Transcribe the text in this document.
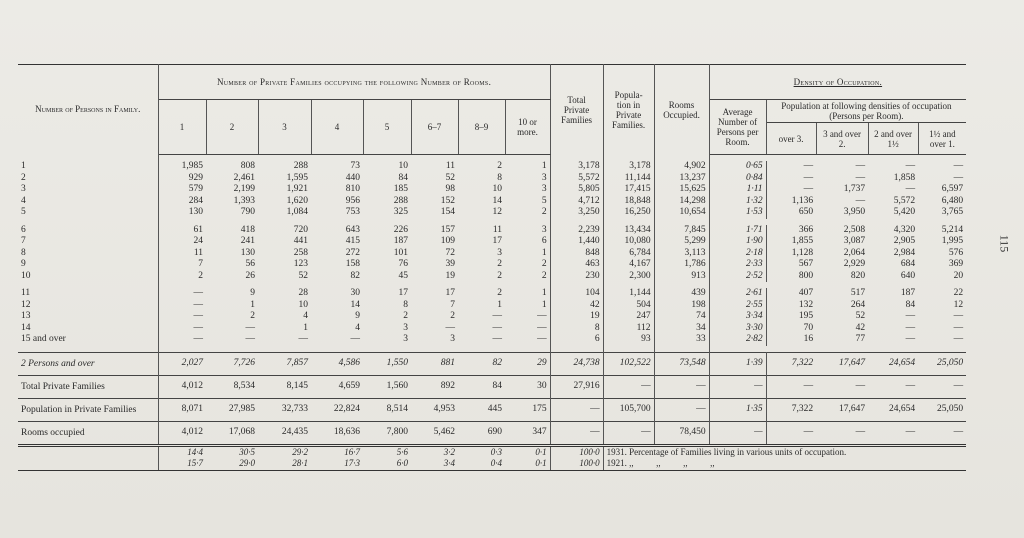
Number of Persons in Family.	Number of Private Families occupying the following Number of Rooms.								Total Private Families	Popula- tion in Private Families.	Rooms Occupied.	Density of Occupation.				
	1	2	3	4	5	6–7	8–9	10 or more.				Average Number of Persons per Room.	Population at following densities of occupation (Persons per Room).			
													over 3.	3 and over 2.	2 and over 1½	1½ and over 1.

1	1,985	808	288	73	10	11	2	1	3,178	3,178	4,902	0·65	—	—	—	—
2	929	2,461	1,595	440	84	52	8	3	5,572	11,144	13,237	0·84	—	—	1,858	—
3	579	2,199	1,921	810	185	98	10	3	5,805	17,415	15,625	1·11	—	1,737	—	6,597
4	284	1,393	1,620	956	288	152	14	5	4,712	18,848	14,298	1·32	1,136	—	5,572	6,480
5	130	790	1,084	753	325	154	12	2	3,250	16,250	10,654	1·53	650	3,950	5,420	3,765

6	61	418	720	643	226	157	11	3	2,239	13,434	7,845	1·71	366	2,508	4,320	5,214
7	24	241	441	415	187	109	17	6	1,440	10,080	5,299	1·90	1,855	3,087	2,905	1,995
8	11	130	258	272	101	72	3	1	848	6,784	3,113	2·18	1,128	2,064	2,984	576
9	7	56	123	158	76	39	2	2	463	4,167	1,786	2·33	567	2,929	684	369
10	2	26	52	82	45	19	2	2	230	2,300	913	2·52	800	820	640	20

11	—	9	28	30	17	17	2	1	104	1,144	439	2·61	407	517	187	22
12	—	1	10	14	8	7	1	1	42	504	198	2·55	132	264	84	12
13	—	2	4	9	2	2	—	—	19	247	74	3·34	195	52	—	—
14	—	—	1	4	3	—	—	—	8	112	34	3·30	70	42	—	—
15 and over	—	—	—	—	3	3	—	—	6	93	33	2·82	16	77	—	—

2 Persons and over	2,027	7,726	7,857	4,586	1,550	881	82	29	24,738	102,522	73,548	1·39	7,322	17,647	24,654	25,050
Total Private Families	4,012	8,534	8,145	4,659	1,560	892	84	30	27,916	—	—	—	—	—	—	—
Population in Private Families	8,071	27,985	32,733	22,824	8,514	4,953	445	175	—	105,700	—	1·35	7,322	17,647	24,654	25,050
Rooms occupied	4,012	17,068	24,435	18,636	7,800	5,462	690	347	—	—	78,450	—	—	—	—	—
	14·4	30·5	29·2	16·7	5·6	3·2	0·3	0·1	100·0	1931. Percentage of Families living in various units of occupation.						
	15·7	29·0	28·1	17·3	6·0	3·4	0·4	0·1	100·0	1921. ,,          ,,          ,,          ,,						
115
